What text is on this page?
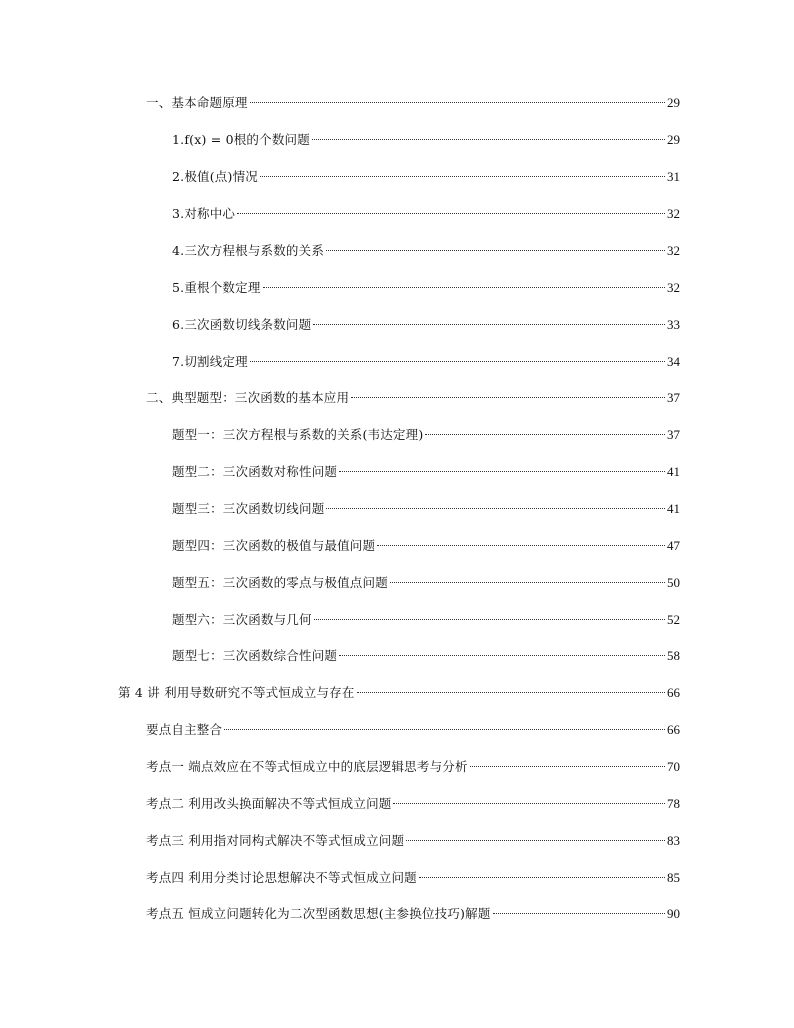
一、基本命题原理	29
1.f(x) = 0根的个数问题	29
2.极值(点)情况	31
3.对称中心	32
4.三次方程根与系数的关系	32
5.重根个数定理	32
6.三次函数切线条数问题	33
7.切割线定理	34
二、典型题型：三次函数的基本应用	37
题型一：三次方程根与系数的关系(韦达定理)	37
题型二：三次函数对称性问题	41
题型三：三次函数切线问题	41
题型四：三次函数的极值与最值问题	47
题型五：三次函数的零点与极值点问题	50
题型六：三次函数与几何	52
题型七：三次函数综合性问题	58
第 4 讲 利用导数研究不等式恒成立与存在	66
要点自主整合	66
考点一 端点效应在不等式恒成立中的底层逻辑思考与分析	70
考点二 利用改头换面解决不等式恒成立问题	78
考点三 利用指对同构式解决不等式恒成立问题	83
考点四 利用分类讨论思想解决不等式恒成立问题	85
考点五 恒成立问题转化为二次型函数思想(主参换位技巧)解题	90
